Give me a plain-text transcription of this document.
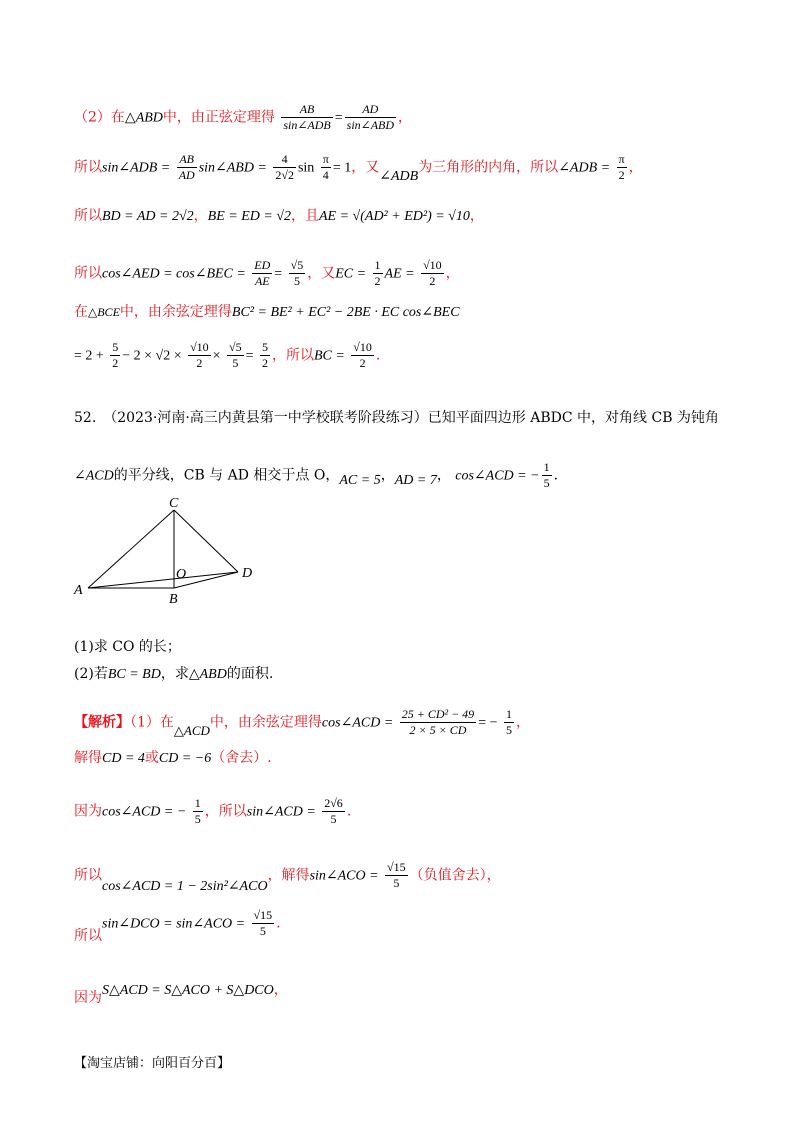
（2）在△ABD中，由正弦定理得 $\frac{AB}{\text{sin∠ADB}} = \frac{AD}{\text{sin∠ABD}}$ ，
所以sin∠ADB = $\frac{AB}{AD}$ sin∠ABD = $\frac{4}{2√2}$ $\sin \frac{\pi}{4} = 1$，又∠ADB为三角形的内角，所以∠ADB = $\frac{\pi}{2}$ ，
所以BD = AD = 2√2，BE = ED = √2，且AE = √(AD² + ED²) = √10，
所以cos∠AED = cos∠BEC = $\frac{ED}{AE} = \frac{√5}{5}$ ，又EC = $\frac{1}{2}$ AE = $\frac{√10}{2}$ ，
在△BCE中，由余弦定理得BC² = BE² + EC² − 2BE · EC cos∠BEC
= $2 + \frac{5}{2} - 2 \times √2 \times \frac{√10}{2} \times \frac{√5}{5} = \frac{5}{2}$ ，所以BC = $\frac{√10}{2}$ .
52.　（2023·河南·高三内黄县第一中学校联考阶段练习）已知平面四边形 ABDC 中，对角线 CB 为钝角
∠ACD的平分线，CB 与 AD 相交于点 O，AC = 5，AD = 7， cos∠ACD = − $\frac{1}{5}$ .
C
O	D
A
B
(1)求 CO 的长；
(2)若BC = BD，求△ABD的面积.
【解析】（1）在△ACD中，由余弦定理得cos∠ACD = $\frac{\text{25 + CD² − 49}}{2 \times 5 \times CD}$ = − $\frac{1}{5}$ ，
解得CD = 4或CD = −6（舍去）.
因为cos∠ACD = − $\frac{1}{5}$ ，所以sin∠ACD = $\frac{2√6}{5}$ .
所以cos∠ACD = 1 − 2sin²∠ACO，解得sin∠ACO = $\frac{√15}{5}$ （负值舍去），
所以sin∠DCO = sin∠ACO = $\frac{√15}{5}$ .
因为S△ACD = S△ACO + S△DCO，
【淘宝店铺：向阳百分百】
